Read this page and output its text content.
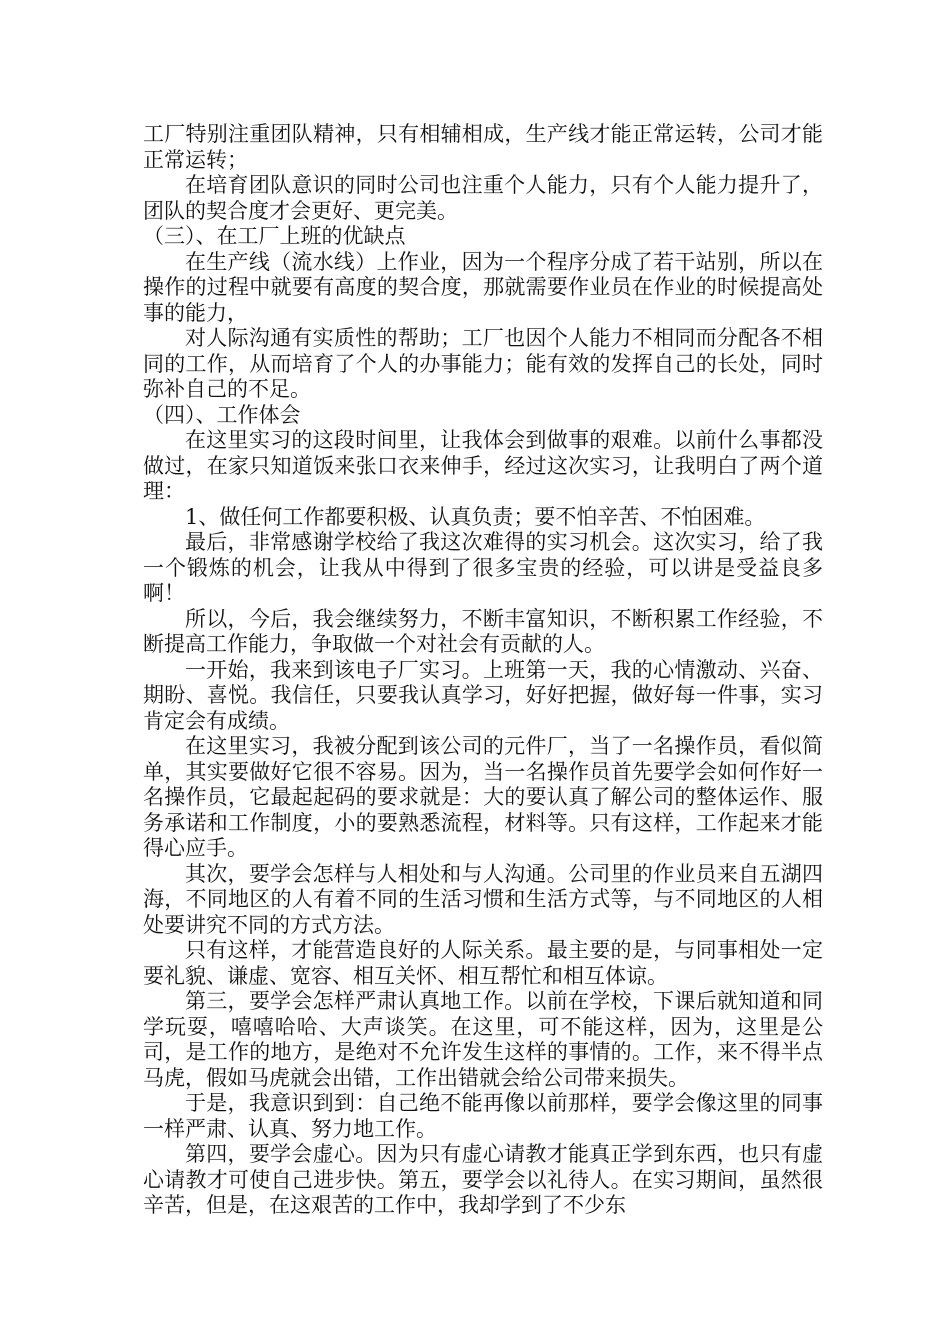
工厂特别注重团队精神，只有相辅相成，生产线才能正常运转，公司才能正常运转；

在培育团队意识的同时公司也注重个人能力，只有个人能力提升了，团队的契合度才会更好、更完美。

（三）、在工厂上班的优缺点

在生产线（流水线）上作业，因为一个程序分成了若干站别，所以在操作的过程中就要有高度的契合度，那就需要作业员在作业的时候提高处事的能力，

对人际沟通有实质性的帮助；工厂也因个人能力不相同而分配各不相同的工作，从而培育了个人的办事能力；能有效的发挥自己的长处，同时弥补自己的不足。

（四）、工作体会

在这里实习的这段时间里，让我体会到做事的艰难。以前什么事都没做过，在家只知道饭来张口衣来伸手，经过这次实习，让我明白了两个道理：

1、做任何工作都要积极、认真负责；要不怕辛苦、不怕困难。

最后，非常感谢学校给了我这次难得的实习机会。这次实习，给了我一个锻炼的机会，让我从中得到了很多宝贵的经验，可以讲是受益良多啊！

所以，今后，我会继续努力，不断丰富知识，不断积累工作经验，不断提高工作能力，争取做一个对社会有贡献的人。

一开始，我来到该电子厂实习。上班第一天，我的心情激动、兴奋、期盼、喜悦。我信任，只要我认真学习，好好把握，做好每一件事，实习肯定会有成绩。

在这里实习，我被分配到该公司的元件厂，当了一名操作员，看似简单，其实要做好它很不容易。因为，当一名操作员首先要学会如何作好一名操作员，它最起起码的要求就是：大的要认真了解公司的整体运作、服务承诺和工作制度，小的要熟悉流程，材料等。只有这样，工作起来才能得心应手。

其次，要学会怎样与人相处和与人沟通。公司里的作业员来自五湖四海，不同地区的人有着不同的生活习惯和生活方式等，与不同地区的人相处要讲究不同的方式方法。

只有这样，才能营造良好的人际关系。最主要的是，与同事相处一定要礼貌、谦虚、宽容、相互关怀、相互帮忙和相互体谅。

第三，要学会怎样严肃认真地工作。以前在学校，下课后就知道和同学玩耍，嘻嘻哈哈、大声谈笑。在这里，可不能这样，因为，这里是公司，是工作的地方，是绝对不允许发生这样的事情的。工作，来不得半点马虎，假如马虎就会出错，工作出错就会给公司带来损失。

于是，我意识到到：自己绝不能再像以前那样，要学会像这里的同事一样严肃、认真、努力地工作。

第四，要学会虚心。因为只有虚心请教才能真正学到东西，也只有虚心请教才可使自己进步快。第五，要学会以礼待人。在实习期间，虽然很辛苦，但是，在这艰苦的工作中，我却学到了不少东
